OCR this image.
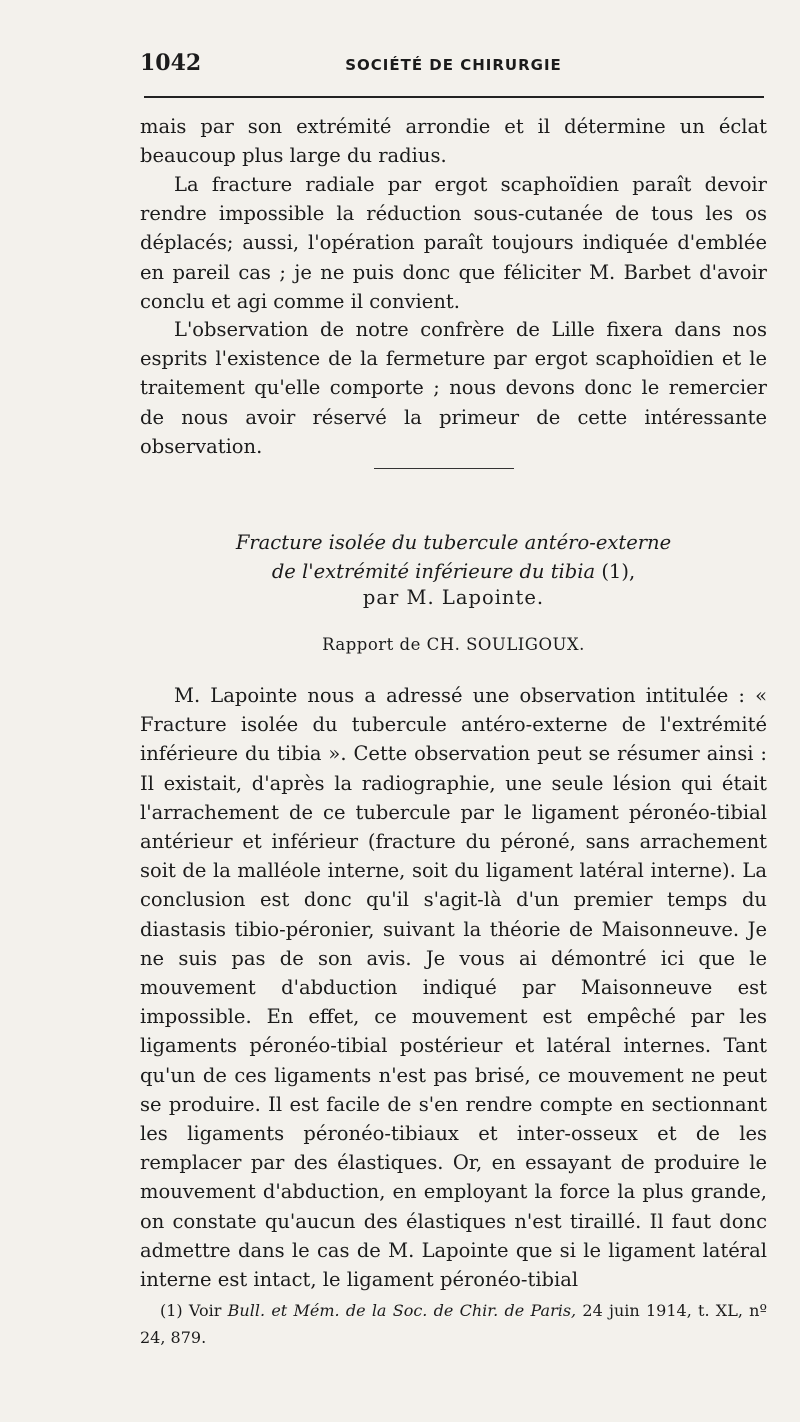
1042	SOCIÉTÉ DE CHIRURGIE

mais par son extrémité arrondie et il détermine un éclat beaucoup plus large du radius.

La fracture radiale par ergot scaphoïdien paraît devoir rendre impossible la réduction sous-cutanée de tous les os déplacés; aussi, l'opération paraît toujours indiquée d'emblée en pareil cas ; je ne puis donc que féliciter M. Barbet d'avoir conclu et agi comme il convient.

L'observation de notre confrère de Lille fixera dans nos esprits l'existence de la fermeture par ergot scaphoïdien et le traitement qu'elle comporte ; nous devons donc le remercier de nous avoir réservé la primeur de cette intéressante observation.

Fracture isolée du tubercule antéro-externe
de l'extrémité inférieure du tibia (1),
par M. Lapointe.
Rapport de CH. SOULIGOUX.

M. Lapointe nous a adressé une observation intitulée : « Fracture isolée du tubercule antéro-externe de l'extrémité inférieure du tibia ». Cette observation peut se résumer ainsi : Il existait, d'après la radiographie, une seule lésion qui était l'arrachement de ce tubercule par le ligament péronéo-tibial antérieur et inférieur (fracture du péroné, sans arrachement soit de la malléole interne, soit du ligament latéral interne). La conclusion est donc qu'il s'agit-là d'un premier temps du diastasis tibio-péronier, suivant la théorie de Maisonneuve. Je ne suis pas de son avis. Je vous ai démontré ici que le mouvement d'abduction indiqué par Maisonneuve est impossible. En effet, ce mouvement est empêché par les ligaments péronéo-tibial postérieur et latéral internes. Tant qu'un de ces ligaments n'est pas brisé, ce mouvement ne peut se produire. Il est facile de s'en rendre compte en sectionnant les ligaments péronéo-tibiaux et inter-osseux et de les remplacer par des élastiques. Or, en essayant de produire le mouvement d'abduction, en employant la force la plus grande, on constate qu'aucun des élastiques n'est tiraillé. Il faut donc admettre dans le cas de M. Lapointe que si le ligament latéral interne est intact, le ligament péronéo-tibial

(1) Voir Bull. et Mém. de la Soc. de Chir. de Paris, 24 juin 1914, t. XL, nº 24, 879.
